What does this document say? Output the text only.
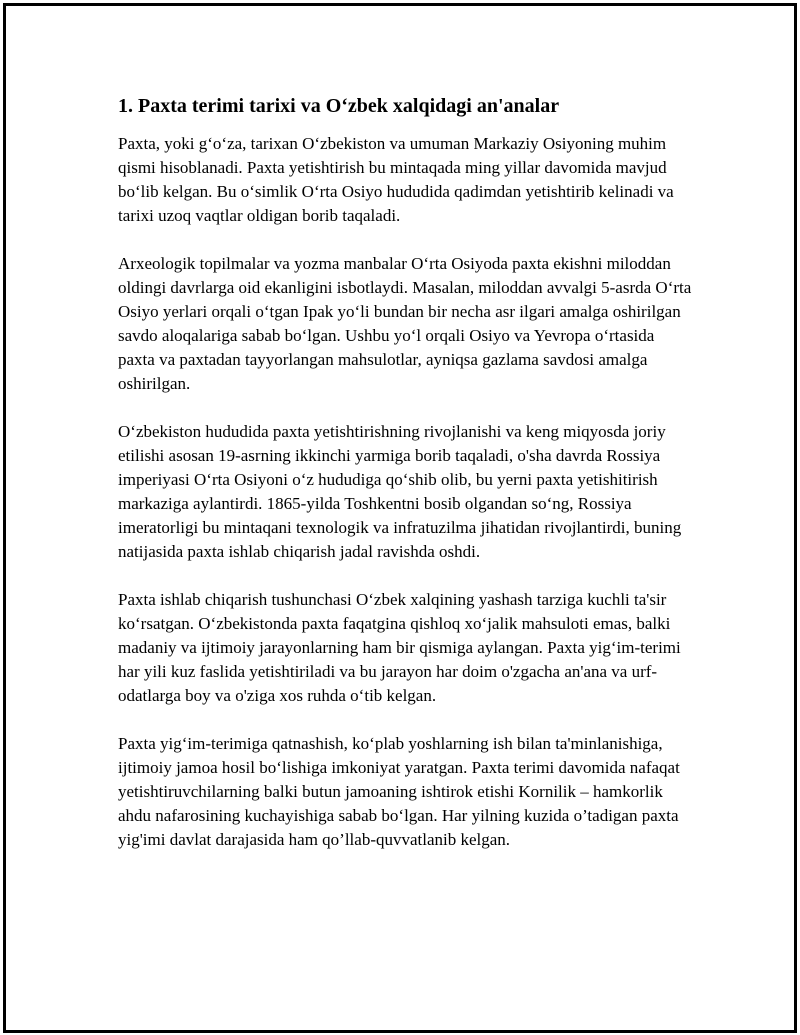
1. Paxta terimi tarixi va O‘zbek xalqidagi an'analar

Paxta, yoki g‘o‘za, tarixan O‘zbekiston va umuman Markaziy Osiyoning muhim qismi hisoblanadi. Paxta yetishtirish bu mintaqada ming yillar davomida mavjud bo‘lib kelgan. Bu o‘simlik O‘rta Osiyo hududida qadimdan yetishtirib kelinadi va tarixi uzoq vaqtlar oldigan borib taqaladi.

Arxeologik topilmalar va yozma manbalar O‘rta Osiyoda paxta ekishni miloddan oldingi davrlarga oid ekanligini isbotlaydi. Masalan, miloddan avvalgi 5-asrda O‘rta Osiyo yerlari orqali o‘tgan Ipak yo‘li bundan bir necha asr ilgari amalga oshirilgan savdo aloqalariga sabab bo‘lgan. Ushbu yo‘l orqali Osiyo va Yevropa o‘rtasida paxta va paxtadan tayyorlangan mahsulotlar, ayniqsa gazlama savdosi amalga oshirilgan.

O‘zbekiston hududida paxta yetishtirishning rivojlanishi va keng miqyosda joriy etilishi asosan 19-asrning ikkinchi yarmiga borib taqaladi, o'sha davrda Rossiya imperiyasi O‘rta Osiyoni o‘z hududiga qo‘shib olib, bu yerni paxta yetishitirish markaziga aylantirdi. 1865-yilda Toshkentni bosib olgandan so‘ng, Rossiya imeratorligi bu mintaqani texnologik va infratuzilma jihatidan rivojlantirdi, buning natijasida paxta ishlab chiqarish jadal ravishda oshdi.

Paxta ishlab chiqarish tushunchasi O‘zbek xalqining yashash tarziga kuchli ta'sir ko‘rsatgan. O‘zbekistonda paxta faqatgina qishloq xo‘jalik mahsuloti emas, balki madaniy va ijtimoiy jarayonlarning ham bir qismiga aylangan. Paxta yig‘im-terimi har yili kuz faslida yetishtiriladi va bu jarayon har doim o'zgacha an'ana va urf-odatlarga boy va o'ziga xos ruhda o‘tib kelgan.

Paxta yig‘im-terimiga qatnashish, ko‘plab yoshlarning ish bilan ta'minlanishiga, ijtimoiy jamoa hosil bo‘lishiga imkoniyat yaratgan. Paxta terimi davomida nafaqat yetishtiruvchilarning balki butun jamoaning ishtirok etishi Kornilik – hamkorlik ahdu nafarosining kuchayishiga sabab bo‘lgan. Har yilning kuzida o’tadigan paxta yig'imi davlat darajasida ham qo’llab-quvvatlanib kelgan.
